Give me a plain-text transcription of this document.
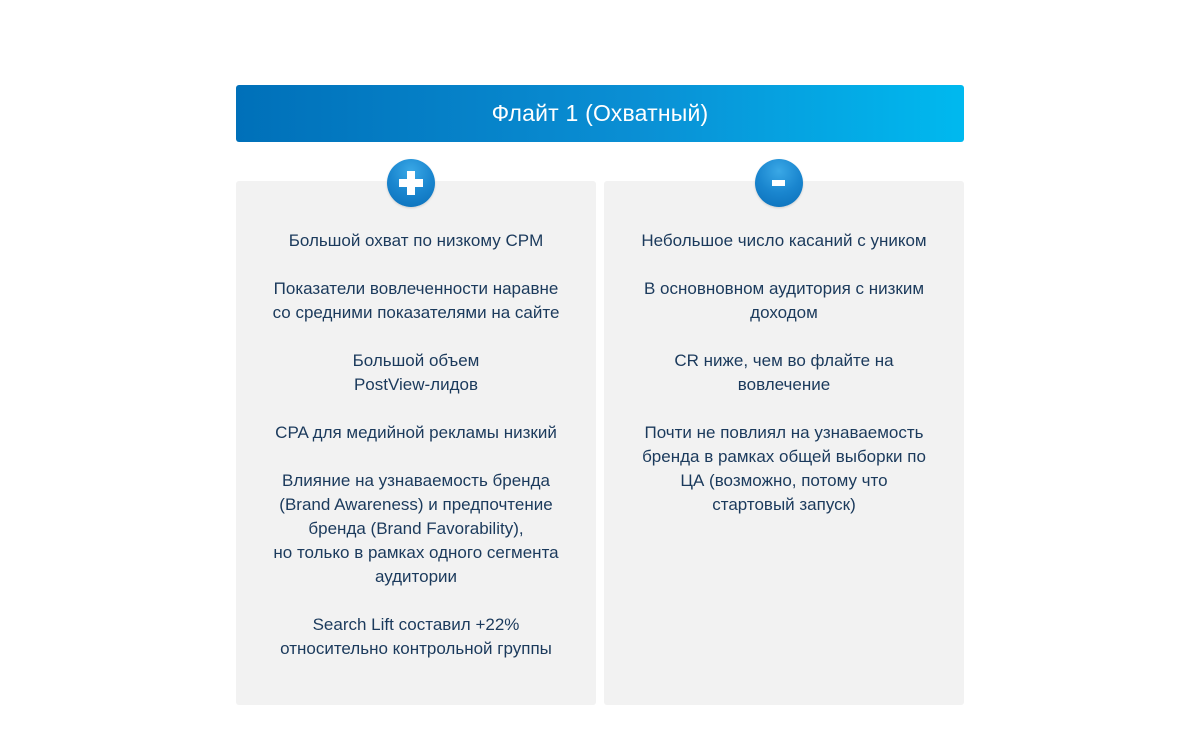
Флайт 1 (Охватный)
Большой охват по низкому CPM
Показатели вовлеченности наравне
со средними показателями на сайте
Большой объем
PostView-лидов
CPA для медийной рекламы низкий
Влияние на узнаваемость бренда
(Brand Awareness) и предпочтение
бренда (Brand Favorability),
но только в рамках одного сегмента
аудитории
Search Lift составил +22%
относительно контрольной группы
Небольшое число касаний с уником
В основновном аудитория с низким
доходом
CR ниже, чем во флайте на
вовлечение
Почти не повлиял на узнаваемость
бренда в рамках общей выборки по
ЦА (возможно, потому что
стартовый запуск)
